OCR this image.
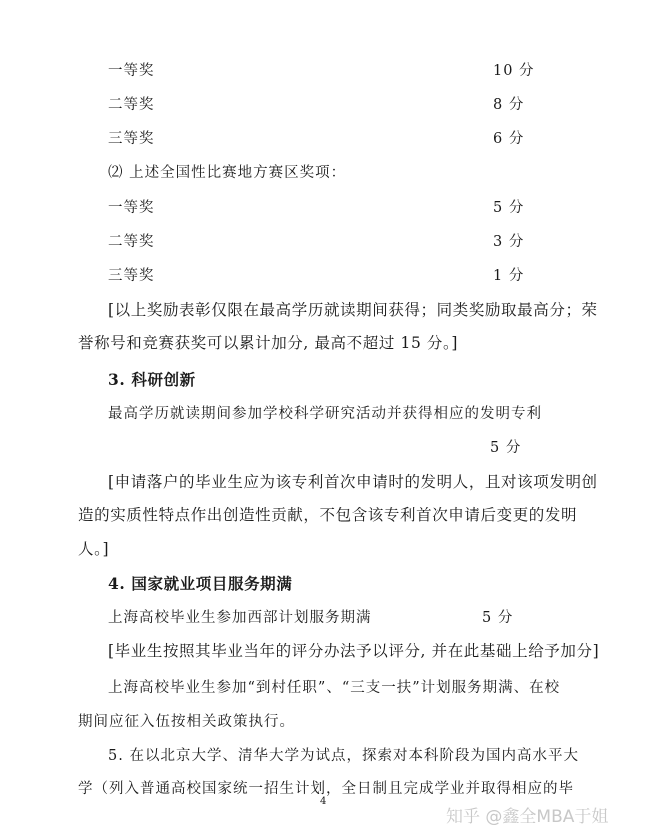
一等奖	10 分
二等奖	8 分
三等奖	6 分
⑵ 上述全国性比赛地方赛区奖项：
一等奖	5 分
二等奖	3 分
三等奖	1 分
[以上奖励表彰仅限在最高学历就读期间获得；同类奖励取最高分；荣
誉称号和竞赛获奖可以累计加分, 最高不超过 15 分。]
3. 科研创新
最高学历就读期间参加学校科学研究活动并获得相应的发明专利
5 分
[申请落户的毕业生应为该专利首次申请时的发明人，且对该项发明创
造的实质性特点作出创造性贡献，不包含该专利首次申请后变更的发明
人。]
4. 国家就业项目服务期满
上海高校毕业生参加西部计划服务期满	5 分
[毕业生按照其毕业当年的评分办法予以评分, 并在此基础上给予加分]
上海高校毕业生参加“到村任职”、“三支一扶”计划服务期满、在校
期间应征入伍按相关政策执行。
5. 在以北京大学、清华大学为试点，探索对本科阶段为国内高水平大
学（列入普通高校国家统一招生计划，全日制且完成学业并取得相应的毕
4
知乎 @鑫全MBA于姐
